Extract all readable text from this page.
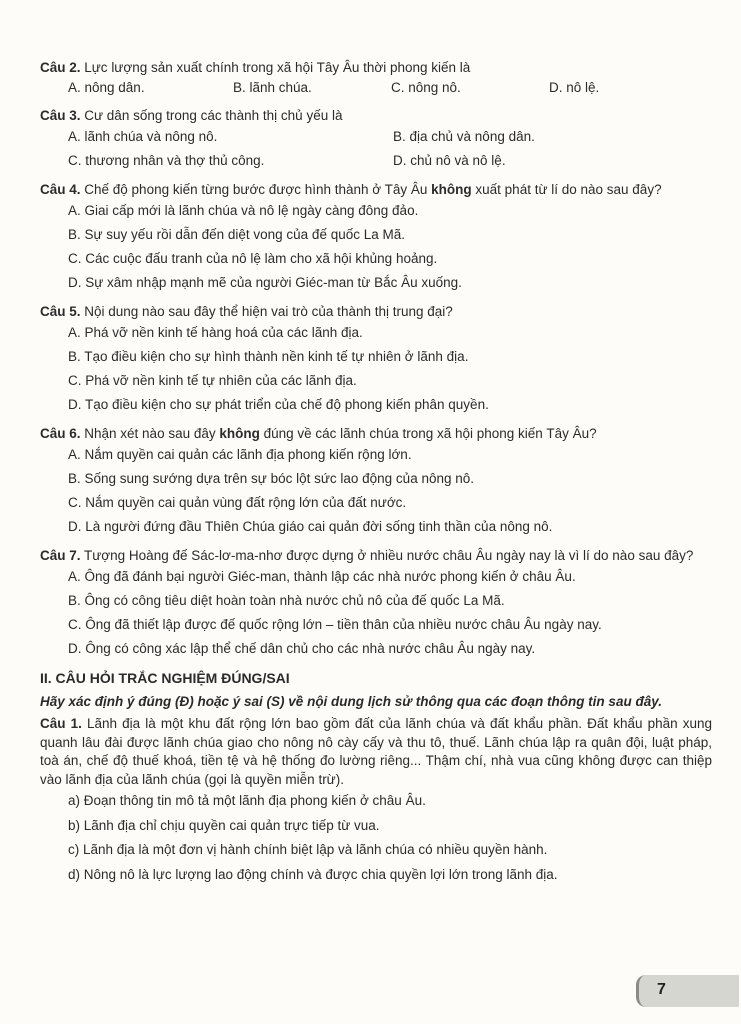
Câu 2. Lực lượng sản xuất chính trong xã hội Tây Âu thời phong kiến là
A. nông dân.	B. lãnh chúa.	C. nông nô.	D. nô lệ.
Câu 3. Cư dân sống trong các thành thị chủ yếu là
A. lãnh chúa và nông nô.	B. địa chủ và nông dân.
C. thương nhân và thợ thủ công.	D. chủ nô và nô lệ.
Câu 4. Chế độ phong kiến từng bước được hình thành ở Tây Âu không xuất phát từ lí do nào sau đây?
A. Giai cấp mới là lãnh chúa và nô lệ ngày càng đông đảo.
B. Sự suy yếu rồi dẫn đến diệt vong của đế quốc La Mã.
C. Các cuộc đấu tranh của nô lệ làm cho xã hội khủng hoảng.
D. Sự xâm nhập mạnh mẽ của người Giéc-man từ Bắc Âu xuống.
Câu 5. Nội dung nào sau đây thể hiện vai trò của thành thị trung đại?
A. Phá vỡ nền kinh tế hàng hoá của các lãnh địa.
B. Tạo điều kiện cho sự hình thành nền kinh tế tự nhiên ở lãnh địa.
C. Phá vỡ nền kinh tế tự nhiên của các lãnh địa.
D. Tạo điều kiện cho sự phát triển của chế độ phong kiến phân quyền.
Câu 6. Nhận xét nào sau đây không đúng về các lãnh chúa trong xã hội phong kiến Tây Âu?
A. Nắm quyền cai quản các lãnh địa phong kiến rộng lớn.
B. Sống sung sướng dựa trên sự bóc lột sức lao động của nông nô.
C. Nắm quyền cai quản vùng đất rộng lớn của đất nước.
D. Là người đứng đầu Thiên Chúa giáo cai quản đời sống tinh thần của nông nô.
Câu 7. Tượng Hoàng đế Sác-lơ-ma-nhơ được dựng ở nhiều nước châu Âu ngày nay là vì lí do nào sau đây?
A. Ông đã đánh bại người Giéc-man, thành lập các nhà nước phong kiến ở châu Âu.
B. Ông có công tiêu diệt hoàn toàn nhà nước chủ nô của đế quốc La Mã.
C. Ông đã thiết lập được đế quốc rộng lớn – tiền thân của nhiều nước châu Âu ngày nay.
D. Ông có công xác lập thể chế dân chủ cho các nhà nước châu Âu ngày nay.
II. CÂU HỎI TRẮC NGHIỆM ĐÚNG/SAI
Hãy xác định ý đúng (Đ) hoặc ý sai (S) về nội dung lịch sử thông qua các đoạn thông tin sau đây.
Câu 1. Lãnh địa là một khu đất rộng lớn bao gồm đất của lãnh chúa và đất khẩu phần. Đất khẩu phần xung quanh lâu đài được lãnh chúa giao cho nông nô cày cấy và thu tô, thuế. Lãnh chúa lập ra quân đội, luật pháp, toà án, chế độ thuế khoá, tiền tệ và hệ thống đo lường riêng... Thậm chí, nhà vua cũng không được can thiệp vào lãnh địa của lãnh chúa (gọi là quyền miễn trừ).
a) Đoạn thông tin mô tả một lãnh địa phong kiến ở châu Âu.
b) Lãnh địa chỉ chịu quyền cai quản trực tiếp từ vua.
c) Lãnh địa là một đơn vị hành chính biệt lập và lãnh chúa có nhiều quyền hành.
d) Nông nô là lực lượng lao động chính và được chia quyền lợi lớn trong lãnh địa.
7
